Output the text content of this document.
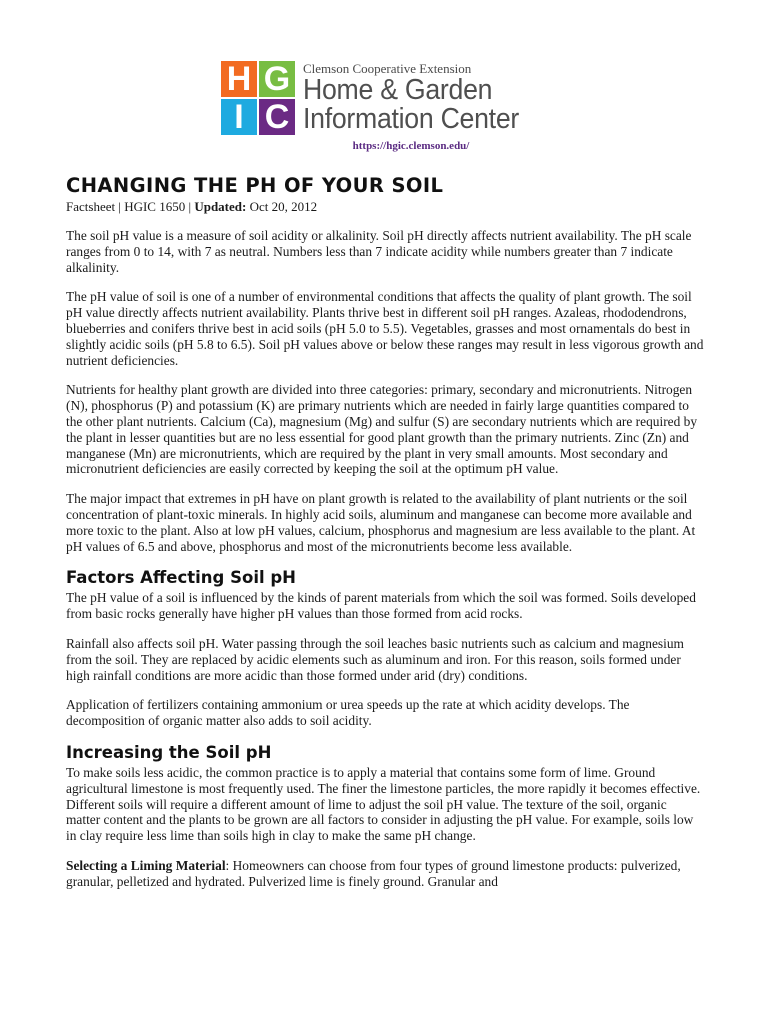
H G
I C
Clemson Cooperative Extension
Home & Garden
Information Center
https://hgic.clemson.edu/
CHANGING THE PH OF YOUR SOIL
Factsheet | HGIC 1650 | Updated: Oct 20, 2012

The soil pH value is a measure of soil acidity or alkalinity. Soil pH directly affects nutrient availability. The pH scale ranges from 0 to 14, with 7 as neutral. Numbers less than 7 indicate acidity while numbers greater than 7 indicate alkalinity.

The pH value of soil is one of a number of environmental conditions that affects the quality of plant growth. The soil pH value directly affects nutrient availability. Plants thrive best in different soil pH ranges. Azaleas, rhododendrons, blueberries and conifers thrive best in acid soils (pH 5.0 to 5.5). Vegetables, grasses and most ornamentals do best in slightly acidic soils (pH 5.8 to 6.5). Soil pH values above or below these ranges may result in less vigorous growth and nutrient deficiencies.

Nutrients for healthy plant growth are divided into three categories: primary, secondary and micronutrients. Nitrogen (N), phosphorus (P) and potassium (K) are primary nutrients which are needed in fairly large quantities compared to the other plant nutrients. Calcium (Ca), magnesium (Mg) and sulfur (S) are secondary nutrients which are required by the plant in lesser quantities but are no less essential for good plant growth than the primary nutrients. Zinc (Zn) and manganese (Mn) are micronutrients, which are required by the plant in very small amounts. Most secondary and micronutrient deficiencies are easily corrected by keeping the soil at the optimum pH value.

The major impact that extremes in pH have on plant growth is related to the availability of plant nutrients or the soil concentration of plant-toxic minerals. In highly acid soils, aluminum and manganese can become more available and more toxic to the plant. Also at low pH values, calcium, phosphorus and magnesium are less available to the plant. At pH values of 6.5 and above, phosphorus and most of the micronutrients become less available.

Factors Affecting Soil pH

The pH value of a soil is influenced by the kinds of parent materials from which the soil was formed. Soils developed from basic rocks generally have higher pH values than those formed from acid rocks.

Rainfall also affects soil pH. Water passing through the soil leaches basic nutrients such as calcium and magnesium from the soil. They are replaced by acidic elements such as aluminum and iron. For this reason, soils formed under high rainfall conditions are more acidic than those formed under arid (dry) conditions.

Application of fertilizers containing ammonium or urea speeds up the rate at which acidity develops. The decomposition of organic matter also adds to soil acidity.

Increasing the Soil pH

To make soils less acidic, the common practice is to apply a material that contains some form of lime. Ground agricultural limestone is most frequently used. The finer the limestone particles, the more rapidly it becomes effective. Different soils will require a different amount of lime to adjust the soil pH value. The texture of the soil, organic matter content and the plants to be grown are all factors to consider in adjusting the pH value. For example, soils low in clay require less lime than soils high in clay to make the same pH change.

Selecting a Liming Material: Homeowners can choose from four types of ground limestone products: pulverized, granular, pelletized and hydrated. Pulverized lime is finely ground. Granular and
